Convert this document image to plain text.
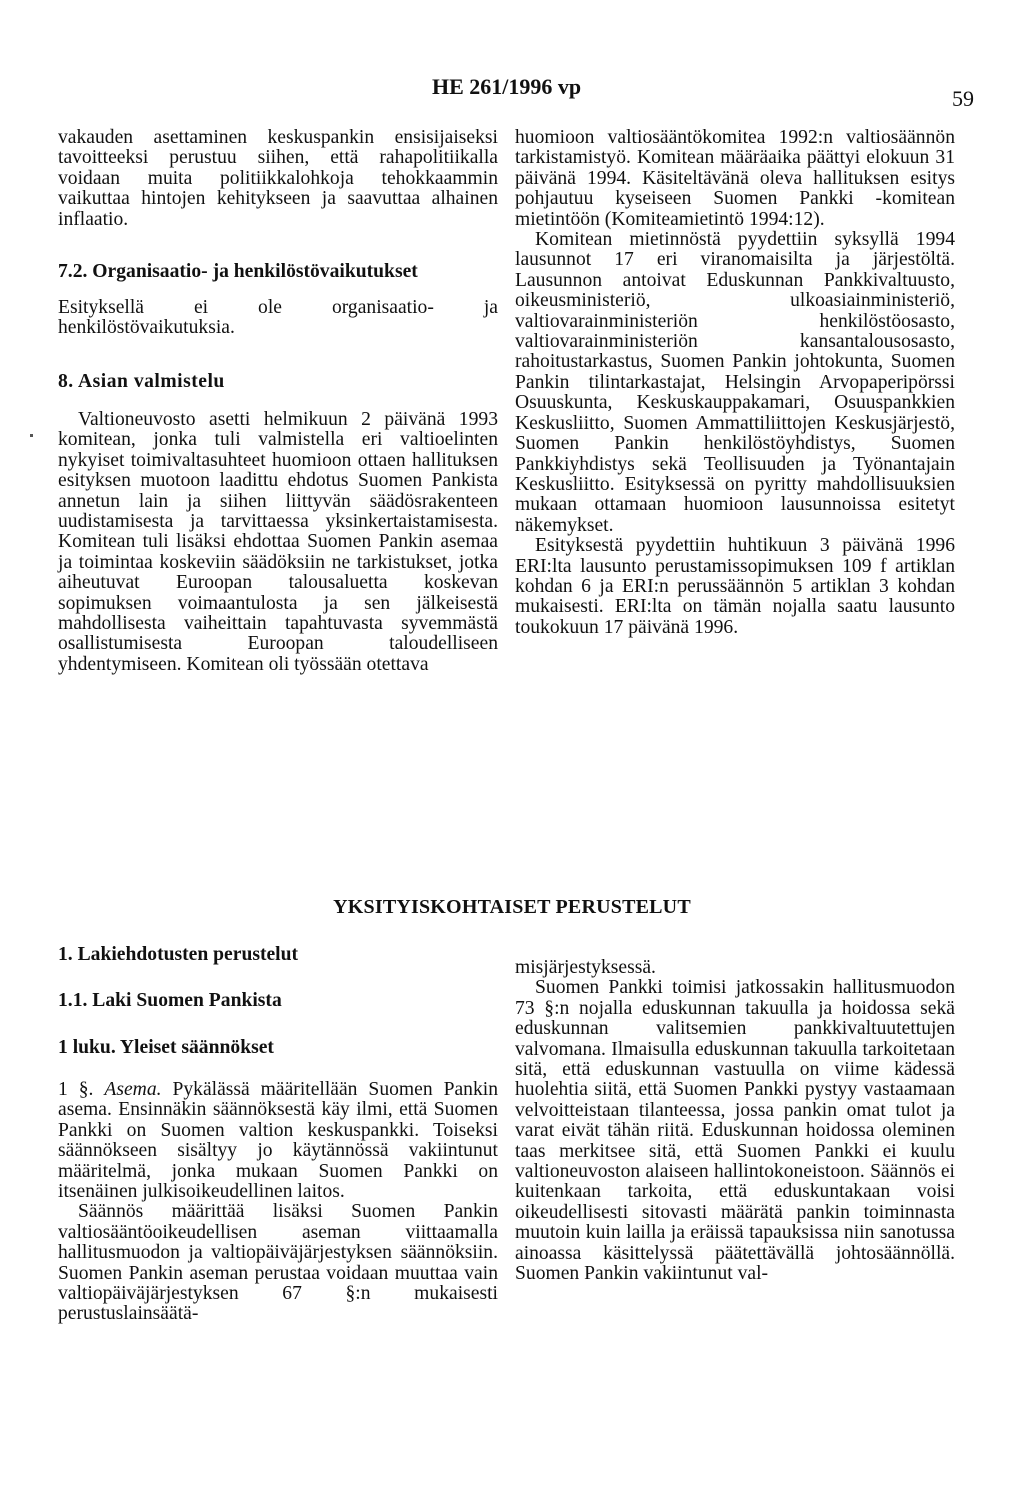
HE 261/1996 vp	59

vakauden asettaminen keskuspankin ensisijaiseksi tavoitteeksi perustuu siihen, että rahapolitiikalla voidaan muita politiikkalohkoja tehokkaammin vaikuttaa hintojen kehitykseen ja saavuttaa alhainen inflaatio.

7.2. Organisaatio- ja henkilöstövaikutukset

Esityksellä ei ole organisaatio- ja henkilöstövaikutuksia.

8. Asian valmistelu

Valtioneuvosto asetti helmikuun 2 päivänä 1993 komitean, jonka tuli valmistella eri valtioelinten nykyiset toimivaltasuhteet huomioon ottaen hallituksen esityksen muotoon laadittu ehdotus Suomen Pankista annetun lain ja siihen liittyvän säädösrakenteen uudistamisesta ja tarvittaessa yksinkertaistamisesta. Komitean tuli lisäksi ehdottaa Suomen Pankin asemaa ja toimintaa koskeviin säädöksiin ne tarkistukset, jotka aiheutuvat Euroopan talousaluetta koskevan sopimuksen voimaantulosta ja sen jälkeisestä mahdollisesta vaiheittain tapahtuvasta syvemmästä osallistumisesta Euroopan taloudelliseen yhdentymiseen. Komitean oli työssään otettava

huomioon valtiosääntökomitea 1992:n valtiosäännön tarkistamistyö. Komitean määräaika päättyi elokuun 31 päivänä 1994. Käsiteltävänä oleva hallituksen esitys pohjautuu kyseiseen Suomen Pankki -komitean mietintöön (Komiteamietintö 1994:12).

Komitean mietinnöstä pyydettiin syksyllä 1994 lausunnot 17 eri viranomaisilta ja järjestöltä. Lausunnon antoivat Eduskunnan Pankkivaltuusto, oikeusministeriö, ulkoasiainministeriö, valtiovarainministeriön henkilöstöosasto, valtiovarainministeriön kansantalousosasto, rahoitustarkastus, Suomen Pankin johtokunta, Suomen Pankin tilintarkastajat, Helsingin Arvopaperipörssi Osuuskunta, Keskuskauppakamari, Osuuspankkien Keskusliitto, Suomen Ammattiliittojen Keskusjärjestö, Suomen Pankin henkilöstöyhdistys, Suomen Pankkiyhdistys sekä Teollisuuden ja Työnantajain Keskusliitto. Esityksessä on pyritty mahdollisuuksien mukaan ottamaan huomioon lausunnoissa esitetyt näkemykset.

Esityksestä pyydettiin huhtikuun 3 päivänä 1996 ERI:lta lausunto perustamissopimuksen 109 f artiklan kohdan 6 ja ERI:n perussäännön 5 artiklan 3 kohdan mukaisesti. ERI:lta on tämän nojalla saatu lausunto toukokuun 17 päivänä 1996.

YKSITYISKOHTAISET PERUSTELUT
1. Lakiehdotusten perustelut
1.1. Laki Suomen Pankista
1 luku. Yleiset säännökset

1 §. Asema. Pykälässä määritellään Suomen Pankin asema. Ensinnäkin säännöksestä käy ilmi, että Suomen Pankki on Suomen valtion keskuspankki. Toiseksi säännökseen sisältyy jo käytännössä vakiintunut määritelmä, jonka mukaan Suomen Pankki on itsenäinen julkisoikeudellinen laitos.

Säännös määrittää lisäksi Suomen Pankin valtiosääntöoikeudellisen aseman viittaamalla hallitusmuodon ja valtiopäiväjärjestyksen säännöksiin. Suomen Pankin aseman perustaa voidaan muuttaa vain valtiopäiväjärjestyksen 67 §:n mukaisesti perustuslainsäätä-

misjärjestyksessä.

Suomen Pankki toimisi jatkossakin hallitusmuodon 73 §:n nojalla eduskunnan takuulla ja hoidossa sekä eduskunnan valitsemien pankkivaltuutettujen valvomana. Ilmaisulla eduskunnan takuulla tarkoitetaan sitä, että eduskunnan vastuulla on viime kädessä huolehtia siitä, että Suomen Pankki pystyy vastaamaan velvoitteistaan tilanteessa, jossa pankin omat tulot ja varat eivät tähän riitä. Eduskunnan hoidossa oleminen taas merkitsee sitä, että Suomen Pankki ei kuulu valtioneuvoston alaiseen hallintokoneistoon. Säännös ei kuitenkaan tarkoita, että eduskuntakaan voisi oikeudellisesti sitovasti määrätä pankin toiminnasta muutoin kuin lailla ja eräissä tapauksissa niin sanotussa ainoassa käsittelyssä päätettävällä johtosäännöllä. Suomen Pankin vakiintunut val-
